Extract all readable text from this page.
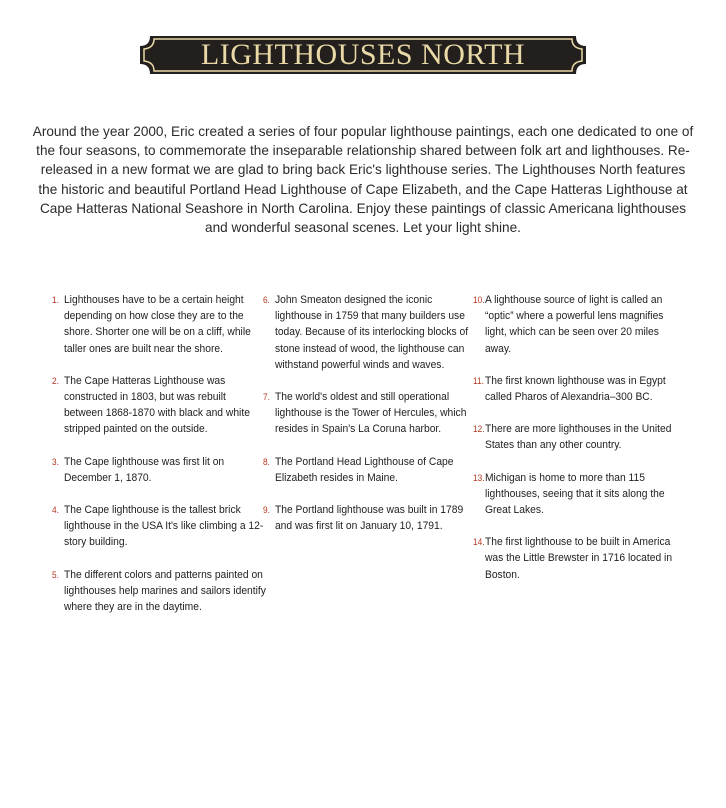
LIGHTHOUSES NORTH
Around the year 2000, Eric created a series of four popular lighthouse paintings, each one dedicated to one of the four seasons, to commemorate the inseparable relationship shared between folk art and lighthouses. Re-released in a new format we are glad to bring back Eric's lighthouse series. The Lighthouses North features the historic and beautiful Portland Head Lighthouse of Cape Elizabeth, and the Cape Hatteras Lighthouse at Cape Hatteras National Seashore in North Carolina. Enjoy these paintings of classic Americana lighthouses and wonderful seasonal scenes. Let your light shine.
1. Lighthouses have to be a certain height depending on how close they are to the shore. Shorter one will be on a cliff, while taller ones are built near the shore.
2. The Cape Hatteras Lighthouse was constructed in 1803, but was rebuilt between 1868-1870 with black and white stripped painted on the outside.
3. The Cape lighthouse was first lit on December 1, 1870.
4. The Cape lighthouse is the tallest brick lighthouse in the USA It's like climbing a 12-story building.
5. The different colors and patterns painted on lighthouses help marines and sailors identify where they are in the daytime.
6. John Smeaton designed the iconic lighthouse in 1759 that many builders use today. Because of its interlocking blocks of stone instead of wood, the lighthouse can withstand powerful winds and waves.
7. The world's oldest and still operational lighthouse is the Tower of Hercules, which resides in Spain's La Coruna harbor.
8. The Portland Head Lighthouse of Cape Elizabeth resides in Maine.
9. The Portland lighthouse was built in 1789 and was first lit on January 10, 1791.
10. A lighthouse source of light is called an “optic” where a powerful lens magnifies light, which can be seen over 20 miles away.
11. The first known lighthouse was in Egypt called Pharos of Alexandria–300 BC.
12. There are more lighthouses in the United States than any other country.
13. Michigan is home to more than 115 lighthouses, seeing that it sits along the Great Lakes.
14. The first lighthouse to be built in America was the Little Brewster in 1716 located in Boston.
